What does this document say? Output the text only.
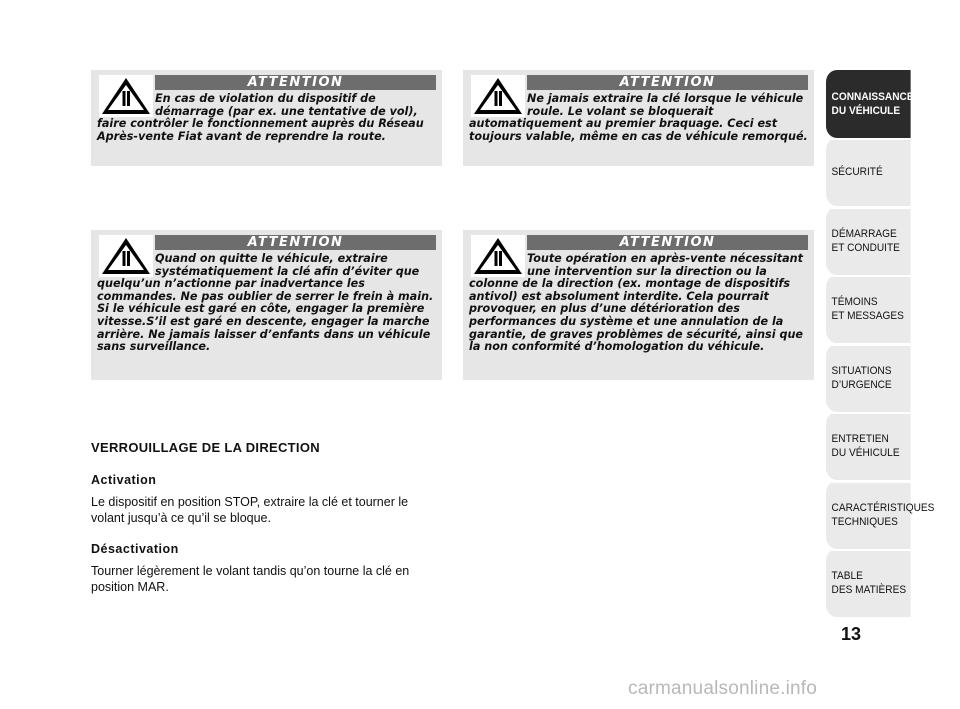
ATTENTION
En cas de violation du dispositif de démarrage (par ex. une tentative de vol), faire contrôler le fonctionnement auprès du Réseau Après-vente Fiat avant de reprendre la route.
ATTENTION
Ne jamais extraire la clé lorsque le véhicule roule. Le volant se bloquerait automatiquement au premier braquage. Ceci est toujours valable, même en cas de véhicule remorqué.
ATTENTION
Quand on quitte le véhicule, extraire systématiquement la clé afin d’éviter que quelqu’un n’actionne par inadvertance les commandes. Ne pas oublier de serrer le frein à main. Si le véhicule est garé en côte, engager la première vitesse.S’il est garé en descente, engager la marche arrière. Ne jamais laisser d’enfants dans un véhicule sans surveillance.
ATTENTION
Toute opération en après-vente nécessitant une intervention sur la direction ou la colonne de la direction (ex. montage de dispositifs antivol) est absolument interdite. Cela pourrait provoquer, en plus d’une détérioration des performances du système et une annulation de la garantie, de graves problèmes de sécurité, ainsi que la non conformité d’homologation du véhicule.
VERROUILLAGE DE LA DIRECTION
Activation
Le dispositif en position STOP, extraire la clé et tourner le volant jusqu’à ce qu’il se bloque.
Désactivation
Tourner légèrement le volant tandis qu’on tourne la clé en position MAR.
CONNAISSANCE
DU VÉHICULE
SÉCURITÉ
DÉMARRAGE
ET CONDUITE
TÉMOINS
ET MESSAGES
SITUATIONS
D’URGENCE
ENTRETIEN
DU VÉHICULE
CARACTÉRISTIQUES
TECHNIQUES
TABLE
DES MATIÈRES
13
carmanualsonline.info
